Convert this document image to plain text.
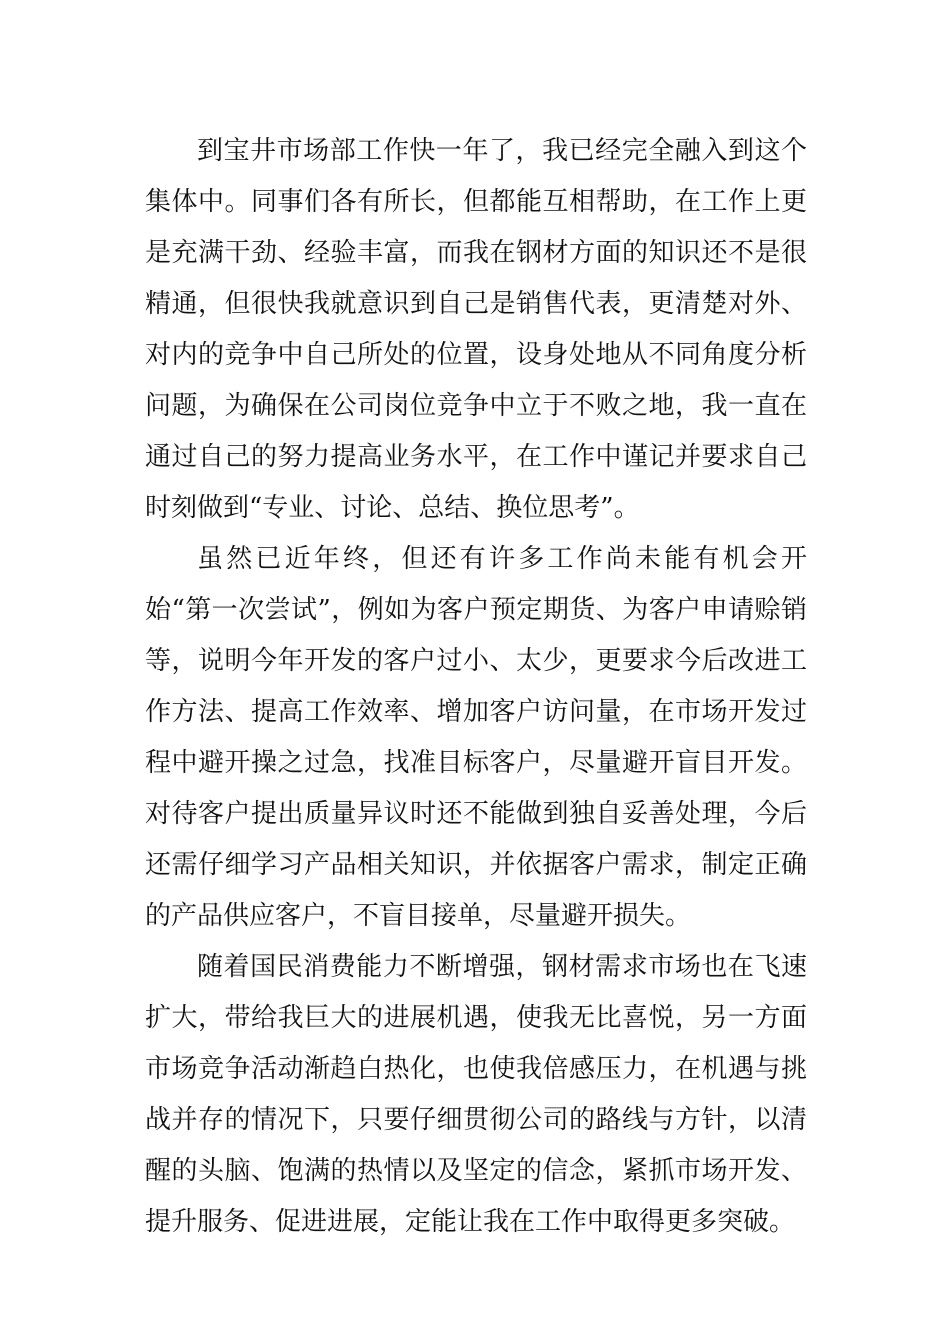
到宝井市场部工作快一年了，我已经完全融入到这个集体中。同事们各有所长，但都能互相帮助，在工作上更是充满干劲、经验丰富，而我在钢材方面的知识还不是很精通，但很快我就意识到自己是销售代表，更清楚对外、对内的竞争中自己所处的位置，设身处地从不同角度分析问题，为确保在公司岗位竞争中立于不败之地，我一直在通过自己的努力提高业务水平，在工作中谨记并要求自己时刻做到“专业、讨论、总结、换位思考”。

虽然已近年终，但还有许多工作尚未能有机会开始“第一次尝试”，例如为客户预定期货、为客户申请赊销等，说明今年开发的客户过小、太少，更要求今后改进工作方法、提高工作效率、增加客户访问量，在市场开发过程中避开操之过急，找准目标客户，尽量避开盲目开发。对待客户提出质量异议时还不能做到独自妥善处理，今后还需仔细学习产品相关知识，并依据客户需求，制定正确的产品供应客户，不盲目接单，尽量避开损失。

随着国民消费能力不断增强，钢材需求市场也在飞速扩大，带给我巨大的进展机遇，使我无比喜悦，另一方面市场竞争活动渐趋白热化，也使我倍感压力，在机遇与挑战并存的情况下，只要仔细贯彻公司的路线与方针，以清醒的头脑、饱满的热情以及坚定的信念，紧抓市场开发、提升服务、促进进展，定能让我在工作中取得更多突破。
